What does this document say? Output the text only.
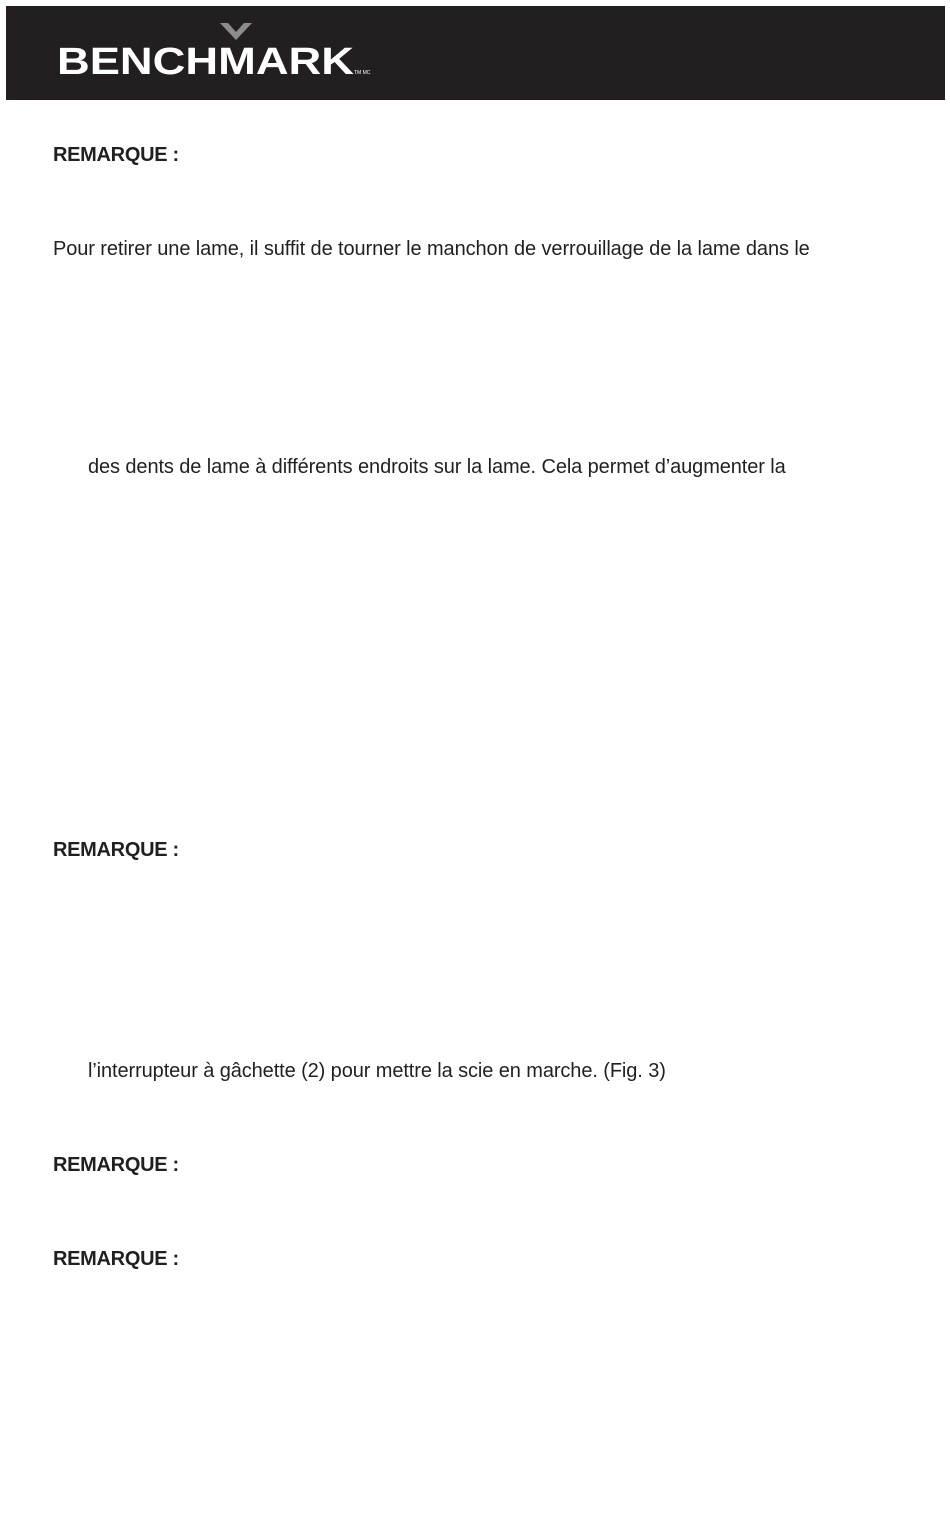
BENCHMARK TM MC
REMARQUE :
Pour retirer une lame, il suffit de tourner le manchon de verrouillage de la lame dans le
des dents de lame à différents endroits sur la lame. Cela permet d’augmenter la
REMARQUE :
l’interrupteur à gâchette (2) pour mettre la scie en marche. (Fig. 3)
REMARQUE :
REMARQUE :
